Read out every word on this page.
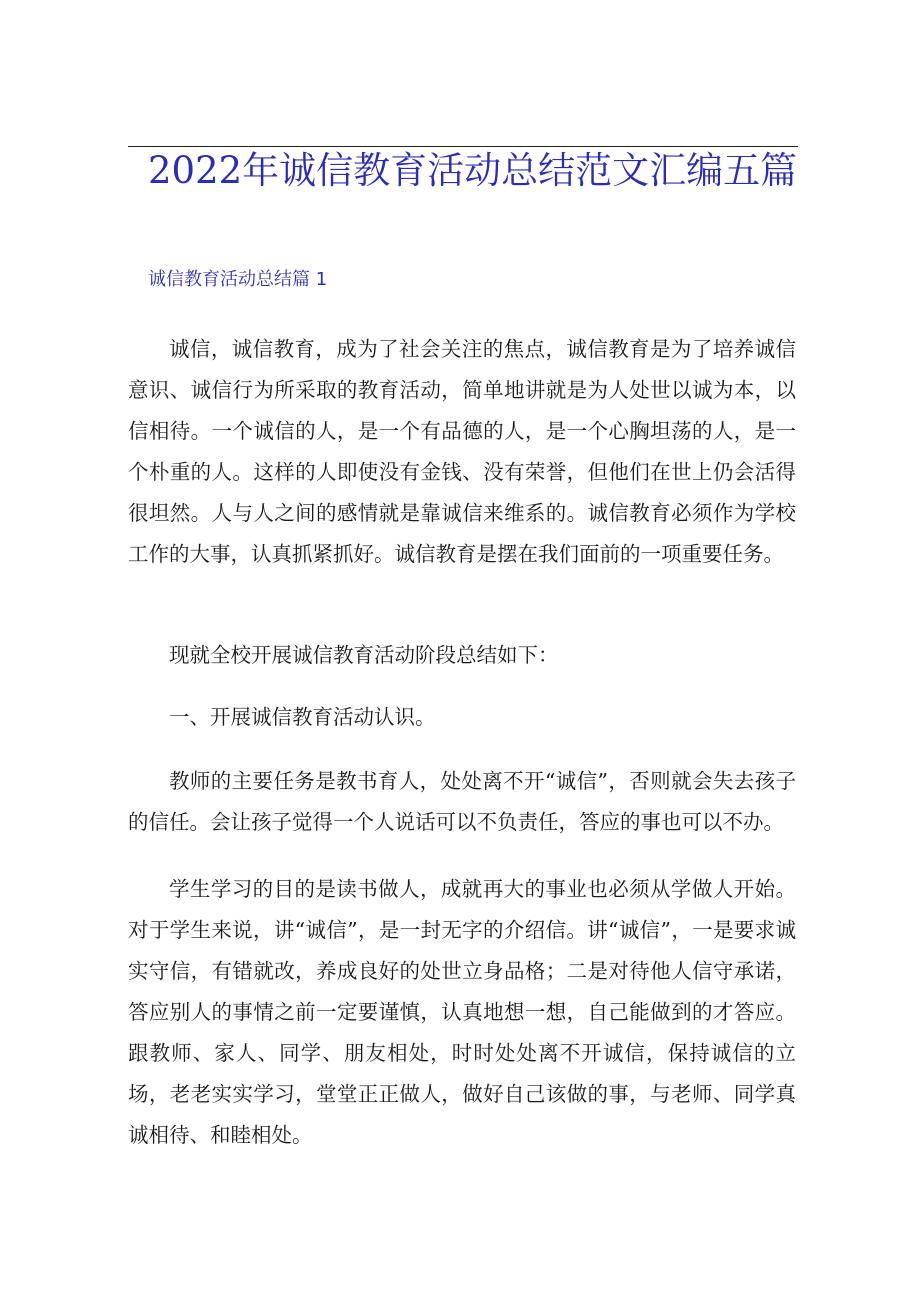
2022年诚信教育活动总结范文汇编五篇
诚信教育活动总结篇 1

诚信，诚信教育，成为了社会关注的焦点，诚信教育是为了培养诚信意识、诚信行为所采取的教育活动，简单地讲就是为人处世以诚为本，以信相待。一个诚信的人，是一个有品德的人，是一个心胸坦荡的人，是一个朴重的人。这样的人即使没有金钱、没有荣誉，但他们在世上仍会活得很坦然。人与人之间的感情就是靠诚信来维系的。诚信教育必须作为学校工作的大事，认真抓紧抓好。诚信教育是摆在我们面前的一项重要任务。

现就全校开展诚信教育活动阶段总结如下：

一、开展诚信教育活动认识。

教师的主要任务是教书育人，处处离不开“诚信”，否则就会失去孩子的信任。会让孩子觉得一个人说话可以不负责任，答应的事也可以不办。

学生学习的目的是读书做人，成就再大的事业也必须从学做人开始。对于学生来说，讲“诚信”，是一封无字的介绍信。讲“诚信”，一是要求诚实守信，有错就改，养成良好的处世立身品格；二是对待他人信守承诺，答应别人的事情之前一定要谨慎，认真地想一想，自己能做到的才答应。跟教师、家人、同学、朋友相处，时时处处离不开诚信，保持诚信的立场，老老实实学习，堂堂正正做人，做好自己该做的事，与老师、同学真诚相待、和睦相处。
